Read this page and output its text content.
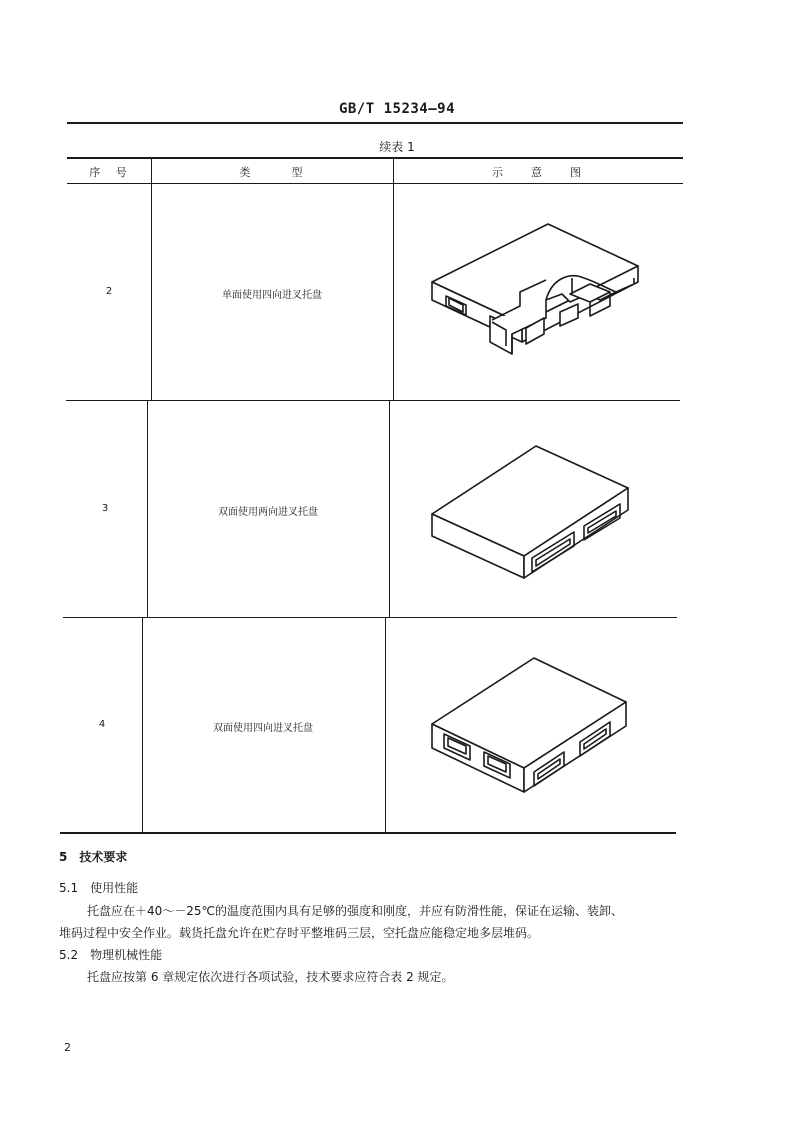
GB/T 15234—94
续表 1
序 号	类　　　型	示　　意　　图
2	单面使用四向进叉托盘
3	双面使用两向进叉托盘
4	双面使用四向进叉托盘
5　技术要求
5.1　使用性能
托盘应在＋40～－25℃的温度范围内具有足够的强度和刚度，并应有防滑性能，保证在运输、装卸、
堆码过程中安全作业。载货托盘允许在贮存时平整堆码三层，空托盘应能稳定地多层堆码。
5.2　物理机械性能
托盘应按第 6 章规定依次进行各项试验，技术要求应符合表 2 规定。
2
